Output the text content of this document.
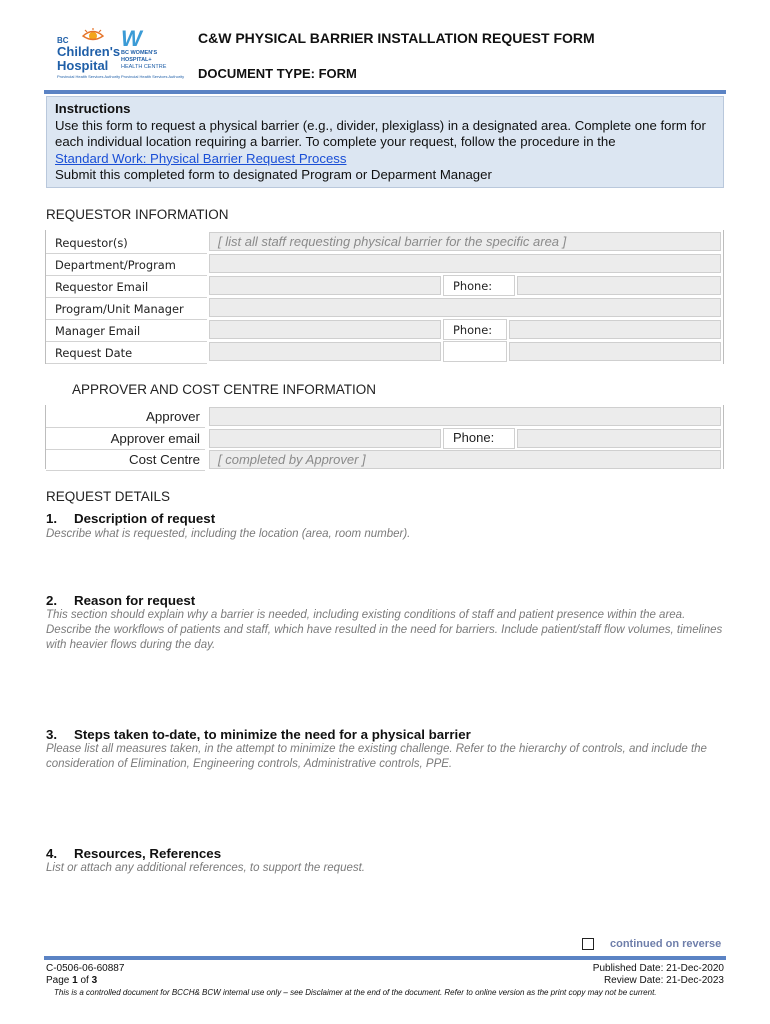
BC
Children's
Hospital
Provincial Health Services Authority
W
BC WOMEN'S
HOSPITAL+
HEALTH CENTRE
Provincial Health Services Authority
C&W PHYSICAL BARRIER INSTALLATION REQUEST FORM
DOCUMENT TYPE: FORM
Instructions
Use this form to request a physical barrier (e.g., divider, plexiglass) in a designated area. Complete one form for each individual location requiring a barrier. To complete your request, follow the procedure in the
Standard Work: Physical Barrier Request Process
Submit this completed form to designated Program or Deparment Manager
REQUESTOR INFORMATION
Requestor(s)	[ list all staff requesting physical barrier for the specific area ]
Department/Program
Requestor Email	Phone:
Program/Unit Manager
Manager Email	Phone:
Request Date
APPROVER AND COST CENTRE INFORMATION
Approver
Approver email	Phone:
Cost Centre [ completed by Approver ]
REQUEST DETAILS
1. Description of request
Describe what is requested, including the location (area, room number).
2. Reason for request
This section should explain why a barrier is needed, including existing conditions of staff and patient presence within the area. Describe the workflows of patients and staff, which have resulted in the need for barriers. Include patient/staff flow volumes, timelines with heavier flows during the day.
3. Steps taken to-date, to minimize the need for a physical barrier
Please list all measures taken, in the attempt to minimize the existing challenge. Refer to the hierarchy of controls, and include the consideration of Elimination, Engineering controls, Administrative controls, PPE.
4. Resources, References
List or attach any additional references, to support the request.
continued on reverse
C-0506-06-60887
Page 1 of 3
Published Date: 21-Dec-2020
Review Date: 21-Dec-2023
This is a controlled document for BCCH& BCW internal use only – see Disclaimer at the end of the document. Refer to online version as the print copy may not be current.
